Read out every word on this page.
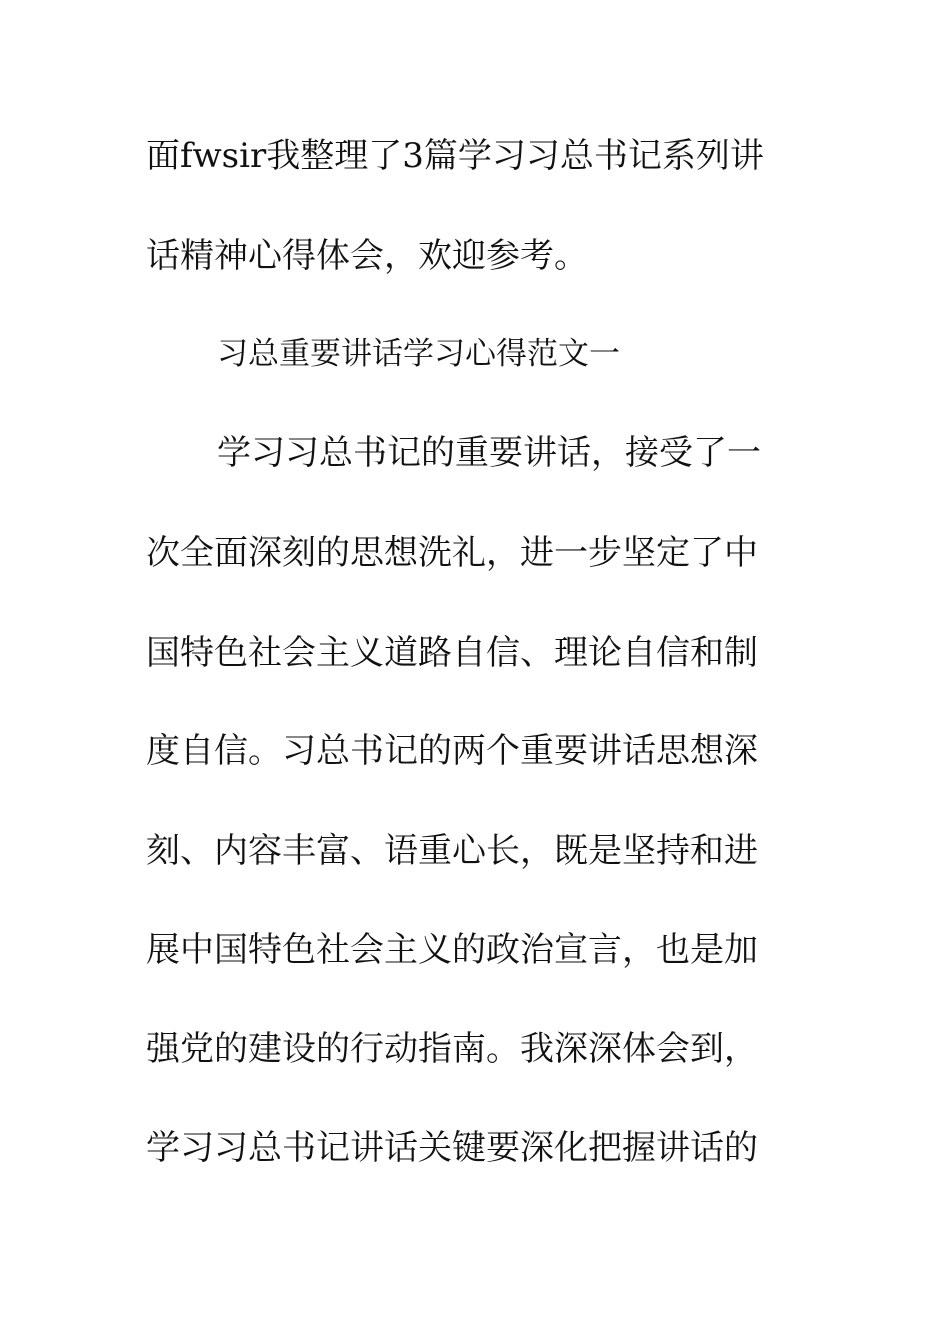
面fwsir我整理了3篇学习习总书记系列讲
话精神心得体会，欢迎参考。
习总重要讲话学习心得范文一
学习习总书记的重要讲话，接受了一
次全面深刻的思想洗礼，进一步坚定了中
国特色社会主义道路自信、理论自信和制
度自信。习总书记的两个重要讲话思想深
刻、内容丰富、语重心长，既是坚持和进
展中国特色社会主义的政治宣言，也是加
强党的建设的行动指南。我深深体会到，
学习习总书记讲话关键要深化把握讲话的
